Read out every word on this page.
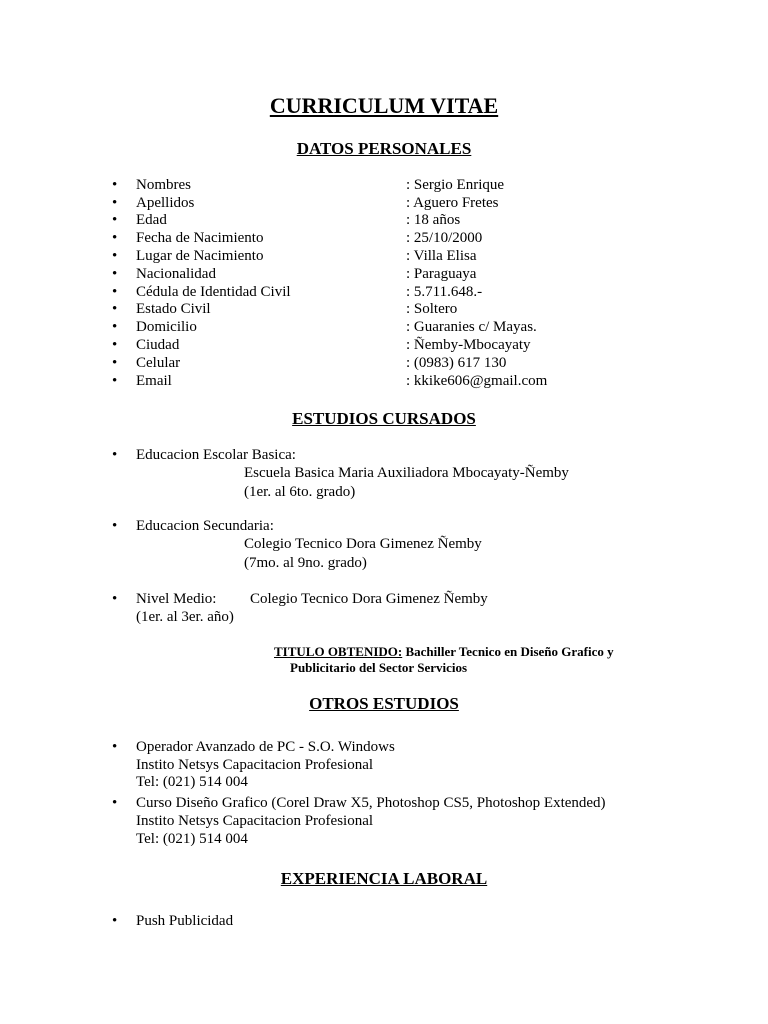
CURRICULUM VITAE
DATOS PERSONALES
•	Nombres	: Sergio Enrique
•	Apellidos	: Aguero Fretes
•	Edad	: 18 años
•	Fecha de Nacimiento	: 25/10/2000
•	Lugar de Nacimiento	: Villa Elisa
•	Nacionalidad	: Paraguaya
•	Cédula de Identidad Civil	: 5.711.648.-
•	Estado Civil	: Soltero
•	Domicilio	: Guaranies c/ Mayas.
•	Ciudad	: Ñemby-Mbocayaty
•	Celular	: (0983) 617 130
•	Email	: kkike606@gmail.com
ESTUDIOS CURSADOS
•	Educacion Escolar Basica:
Escuela Basica Maria Auxiliadora Mbocayaty-Ñemby
(1er. al 6to. grado)
•	Educacion Secundaria:
Colegio Tecnico Dora Gimenez Ñemby
(7mo. al 9no. grado)
•	Nivel Medio: Colegio Tecnico Dora Gimenez Ñemby
(1er. al 3er. año)
TITULO OBTENIDO: Bachiller Tecnico en Diseño Grafico y
Publicitario del Sector Servicios
OTROS ESTUDIOS
•	Operador Avanzado de PC - S.O. Windows
Instito Netsys Capacitacion Profesional
Tel: (021) 514 004
•	Curso Diseño Grafico (Corel Draw X5, Photoshop CS5, Photoshop Extended)
Instito Netsys Capacitacion Profesional
Tel: (021) 514 004
EXPERIENCIA LABORAL
•	Push Publicidad
